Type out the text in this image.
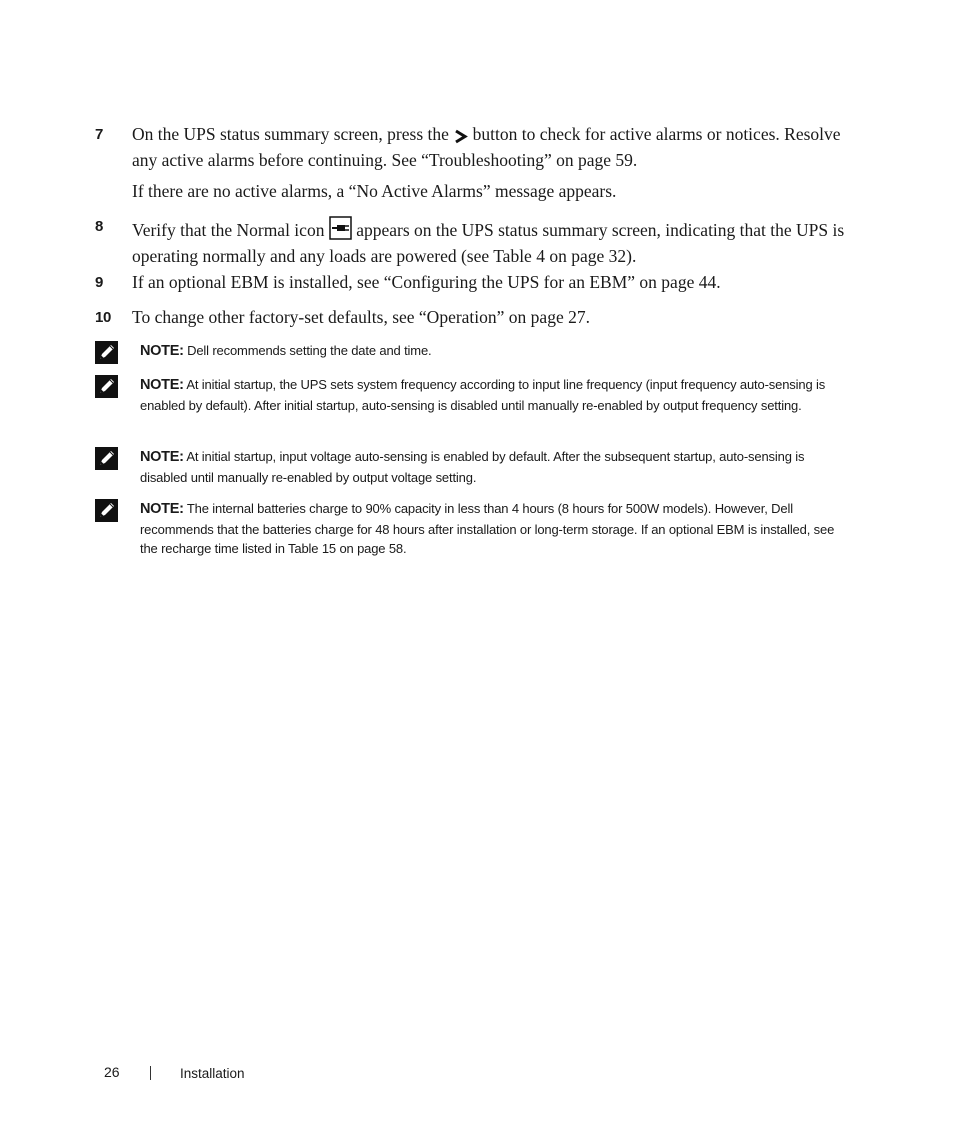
7 On the UPS status summary screen, press the button to check for active alarms or notices. Resolve any active alarms before continuing. See “Troubleshooting” on page 59.
If there are no active alarms, a “No Active Alarms” message appears.
8 Verify that the Normal icon appears on the UPS status summary screen, indicating that the UPS is operating normally and any loads are powered (see Table 4 on page 32).
9 If an optional EBM is installed, see “Configuring the UPS for an EBM” on page 44.
10 To change other factory-set defaults, see “Operation” on page 27.
NOTE: Dell recommends setting the date and time.
NOTE: At initial startup, the UPS sets system frequency according to input line frequency (input frequency auto-sensing is enabled by default). After initial startup, auto-sensing is disabled until manually re-enabled by output frequency setting.
NOTE: At initial startup, input voltage auto-sensing is enabled by default. After the subsequent startup, auto-sensing is disabled until manually re-enabled by output voltage setting.
NOTE: The internal batteries charge to 90% capacity in less than 4 hours (8 hours for 500W models). However, Dell recommends that the batteries charge for 48 hours after installation or long-term storage. If an optional EBM is installed, see the recharge time listed in Table 15 on page 58.
26	Installation
